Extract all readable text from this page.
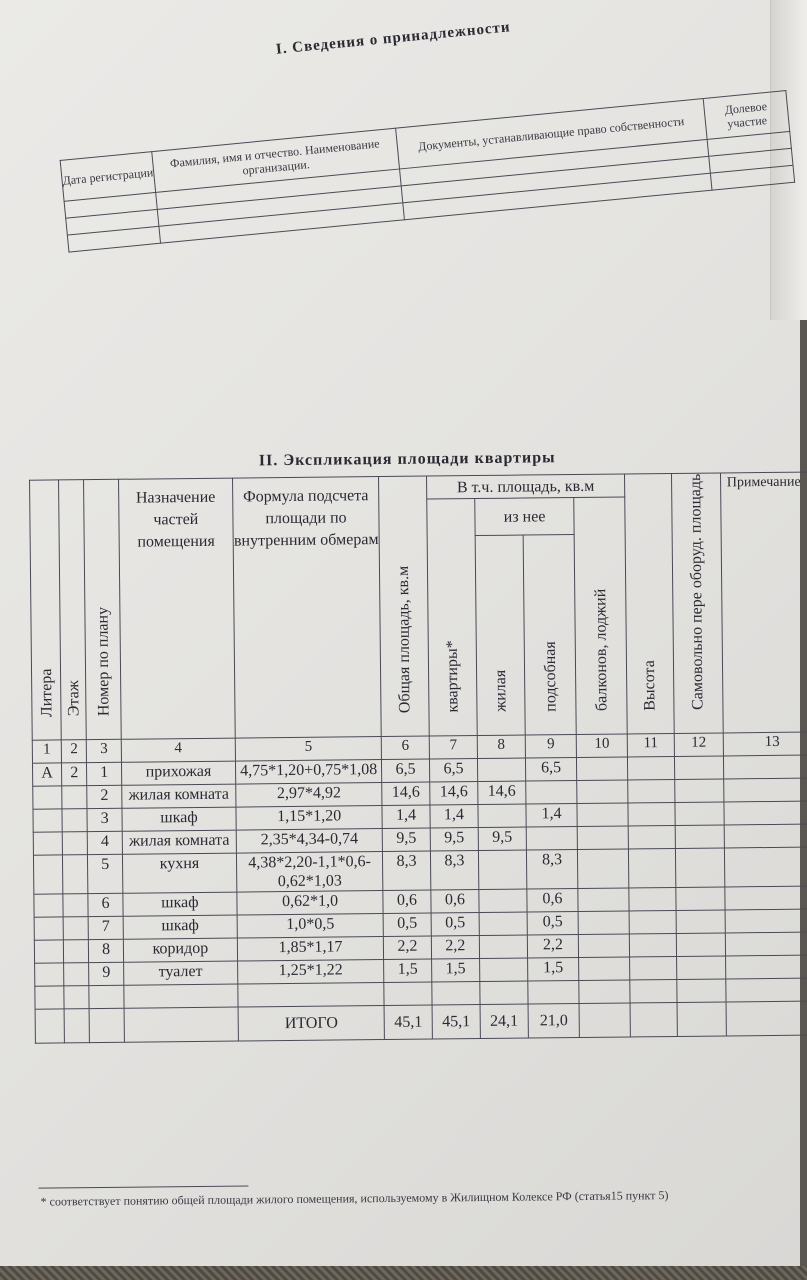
I. Сведения о принадлежности
Дата регистрации	Фамилия, имя и отчество. Наименование организации.	Документы, устанавливающие право собственности	Долевое участие

II. Экспликация площади квартиры
Литера	Этаж	Номер по плану	Назначение частей помещения	Формула подсчета площади по внутренним обмерам	Общая площадь, кв.м	В т.ч. площадь, кв.м				Высота	Самовольно пере оборуд. площадь	Примечание
						квартиры*	из нее		балконов, лоджий			
							жилая	подсобная				
1	2	3	4	5	6	7	8	9	10	11	12	13
А	2	1	прихожая	4,75*1,20+0,75*1,08	6,5	6,5		6,5				
		2	жилая комната	2,97*4,92	14,6	14,6	14,6					
		3	шкаф	1,15*1,20	1,4	1,4		1,4				
		4	жилая комната	2,35*4,34-0,74	9,5	9,5	9,5					
		5	кухня	4,38*2,20-1,1*0,6-0,62*1,03	8,3	8,3		8,3				
		6	шкаф	0,62*1,0	0,6	0,6		0,6				
		7	шкаф	1,0*0,5	0,5	0,5		0,5				
		8	коридор	1,85*1,17	2,2	2,2		2,2				
		9	туалет	1,25*1,22	1,5	1,5		1,5				

				ИТОГО	45,1	45,1	24,1	21,0				
* соответствует понятию общей площади жилого помещения, используемому в Жилищном Колексе РФ (статья15 пункт 5)
